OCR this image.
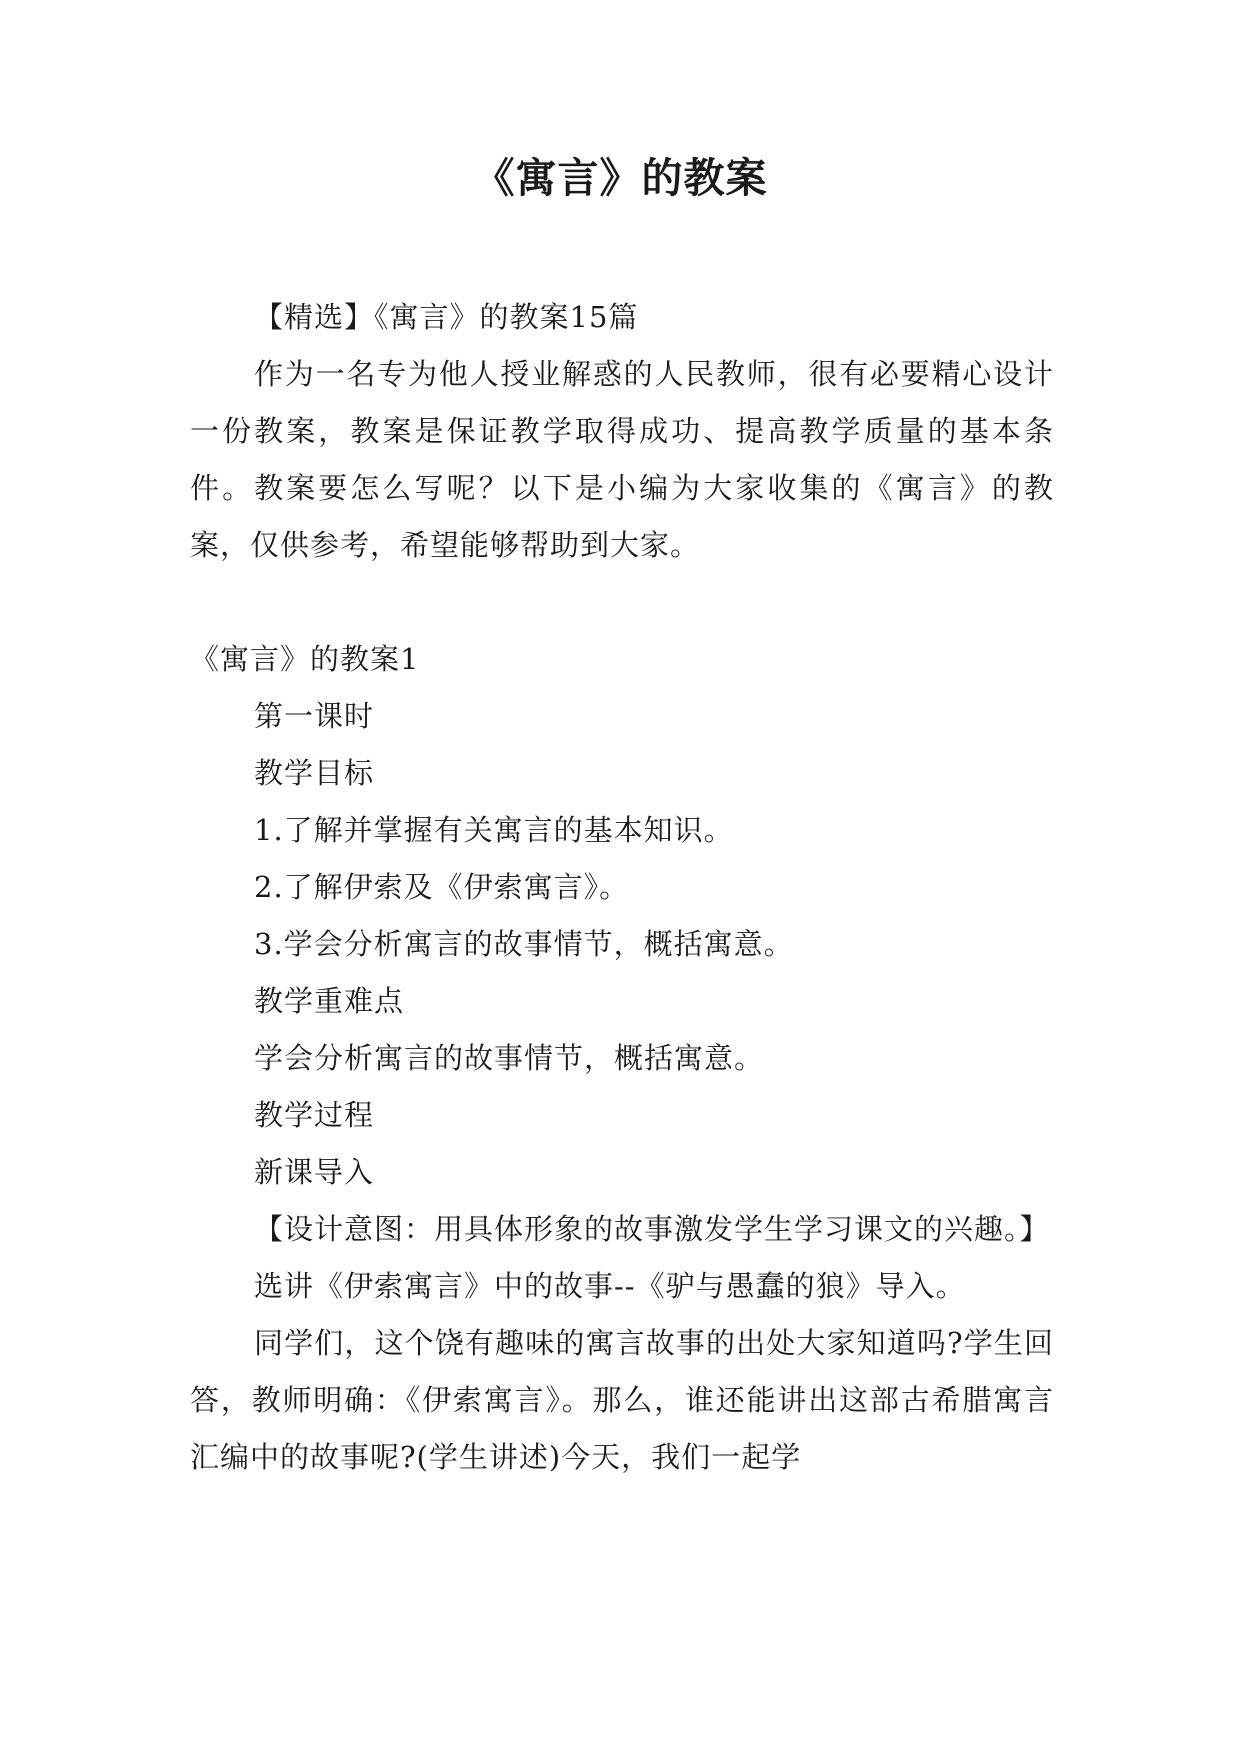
《寓言》的教案

【精选】《寓言》的教案15篇

作为一名专为他人授业解惑的人民教师，很有必要精心设计一份教案，教案是保证教学取得成功、提高教学质量的基本条件。教案要怎么写呢？以下是小编为大家收集的《寓言》的教案，仅供参考，希望能够帮助到大家。

《寓言》的教案1

第一课时

教学目标

1.了解并掌握有关寓言的基本知识。

2.了解伊索及《伊索寓言》。

3.学会分析寓言的故事情节，概括寓意。

教学重难点

学会分析寓言的故事情节，概括寓意。

教学过程

新课导入

【设计意图：用具体形象的故事激发学生学习课文的兴趣。】

选讲《伊索寓言》中的故事--《驴与愚蠢的狼》导入。

同学们，这个饶有趣味的寓言故事的出处大家知道吗?学生回答，教师明确：《伊索寓言》。那么，谁还能讲出这部古希腊寓言汇编中的故事呢?(学生讲述)今天，我们一起学
